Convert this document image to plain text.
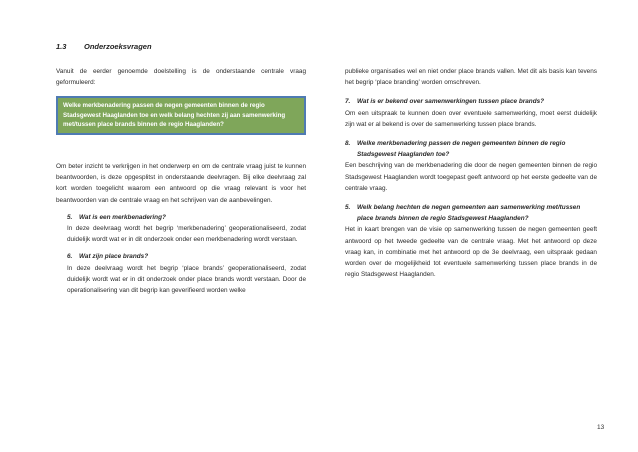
1.3 Onderzoeksvragen

Vanuit de eerder genoemde doelstelling is de onderstaande centrale vraag geformuleerd:

Welke merkbenadering passen de negen gemeenten binnen de regio Stadsgewest Haaglanden toe en welk belang hechten zij aan samenwerking met/tussen place brands binnen de regio Haaglanden?

Om beter inzicht te verkrijgen in het onderwerp en om de centrale vraag juist te kunnen beantwoorden, is deze opgesplitst in onderstaande deelvragen. Bij elke deelvraag zal kort worden toegelicht waarom een antwoord op die vraag relevant is voor het beantwoorden van de centrale vraag en het schrijven van de aanbevelingen.

5. Wat is een merkbenadering?

In deze deelvraag wordt het begrip ‘merkbenadering’ geoperationaliseerd, zodat duidelijk wordt wat er in dit onderzoek onder een merkbenadering wordt verstaan.

6. Wat zijn place brands?

In deze deelvraag wordt het begrip ‘place brands’ geoperationaliseerd, zodat duidelijk wordt wat er in dit onderzoek onder place brands wordt verstaan. Door de operationalisering van dit begrip kan geverifieerd worden welke

publieke organisaties wel en niet onder place brands vallen. Met dit als basis kan tevens het begrip ‘place branding’ worden omschreven.

7. Wat is er bekend over samenwerkingen tussen place brands?

Om een uitspraak te kunnen doen over eventuele samenwerking, moet eerst duidelijk zijn wat er al bekend is over de samenwerking tussen place brands.

8. Welke merkbenadering passen de negen gemeenten binnen de regio
Stadsgewest Haaglanden toe?

Een beschrijving van de merkbenadering die door de negen gemeenten binnen de regio Stadsgewest Haaglanden wordt toegepast geeft antwoord op het eerste gedeelte van de centrale vraag.

5. Welk belang hechten de negen gemeenten aan samenwerking met/tussen
place brands binnen de regio Stadsgewest Haaglanden?

Het in kaart brengen van de visie op samenwerking tussen de negen gemeenten geeft antwoord op het tweede gedeelte van de centrale vraag. Met het antwoord op deze vraag kan, in combinatie met het antwoord op de 3e deelvraag, een uitspraak gedaan worden over de mogelijkheid tot eventuele samenwerking tussen place brands in de regio Stadsgewest Haaglanden.

13
